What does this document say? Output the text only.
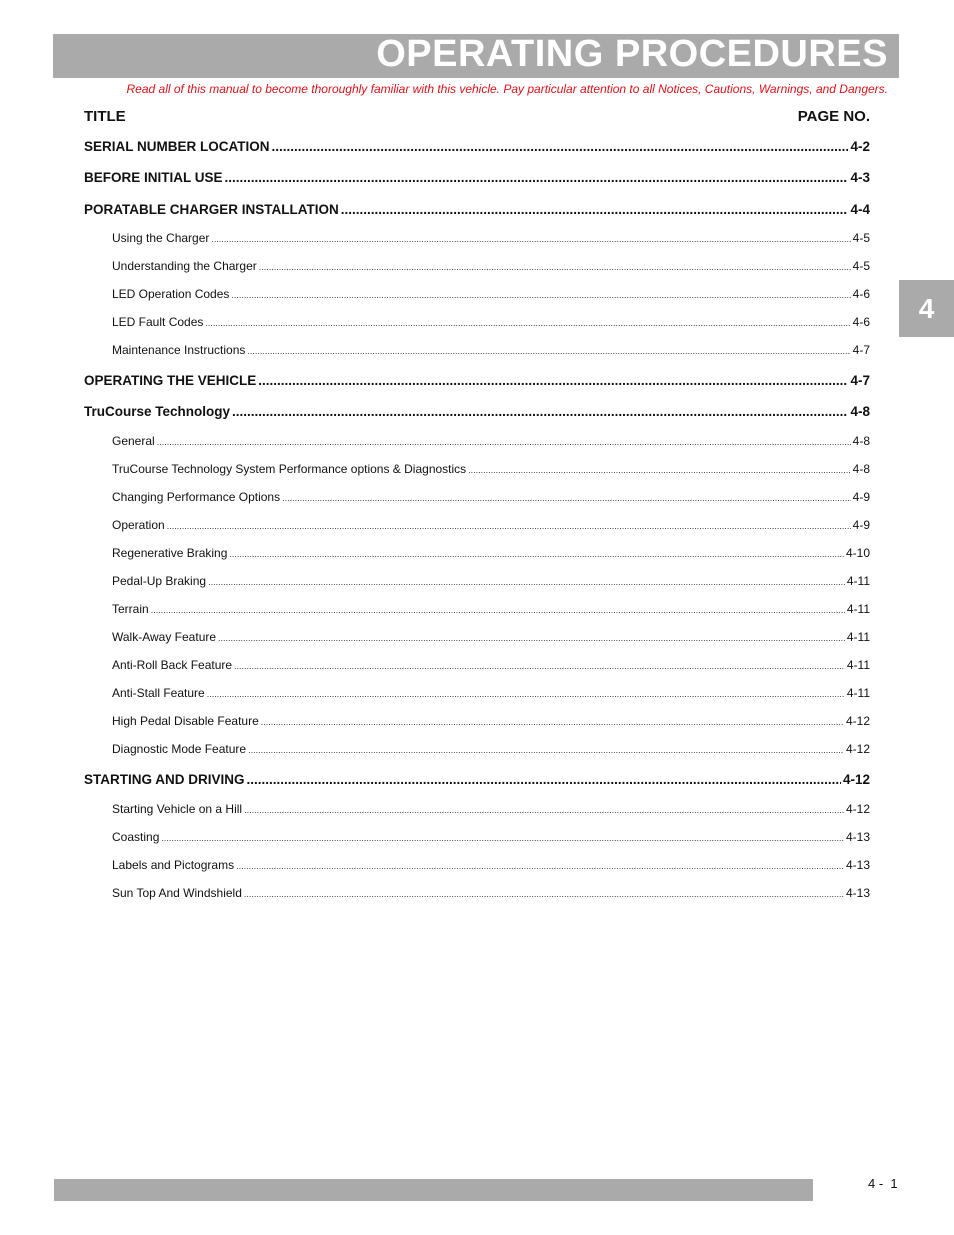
OPERATING PROCEDURES
Read all of this manual to become thoroughly familiar with this vehicle. Pay particular attention to all Notices, Cautions, Warnings, and Dangers.
TITLE	PAGE NO.
SERIAL NUMBER LOCATION .....	4-2
BEFORE INITIAL USE .....	4-3
PORATABLE CHARGER INSTALLATION .....	4-4
Using the Charger .....	4-5
Understanding the Charger .....	4-5
LED Operation Codes .....	4-6
LED Fault Codes .....	4-6
Maintenance Instructions .....	4-7
OPERATING THE VEHICLE .....	4-7
TruCourse Technology .....	4-8
General .....	4-8
TruCourse Technology System Performance options & Diagnostics .....	4-8
Changing Performance Options .....	4-9
Operation .....	4-9
Regenerative Braking .....	4-10
Pedal-Up Braking .....	4-11
Terrain .....	4-11
Walk-Away Feature .....	4-11
Anti-Roll Back Feature .....	4-11
Anti-Stall Feature .....	4-11
High Pedal Disable Feature .....	4-12
Diagnostic Mode Feature .....	4-12
STARTING AND DRIVING .....	4-12
Starting Vehicle on a Hill .....	4-12
Coasting .....	4-13
Labels and Pictograms .....	4-13
Sun Top And Windshield .....	4-13
4
4 -  1
